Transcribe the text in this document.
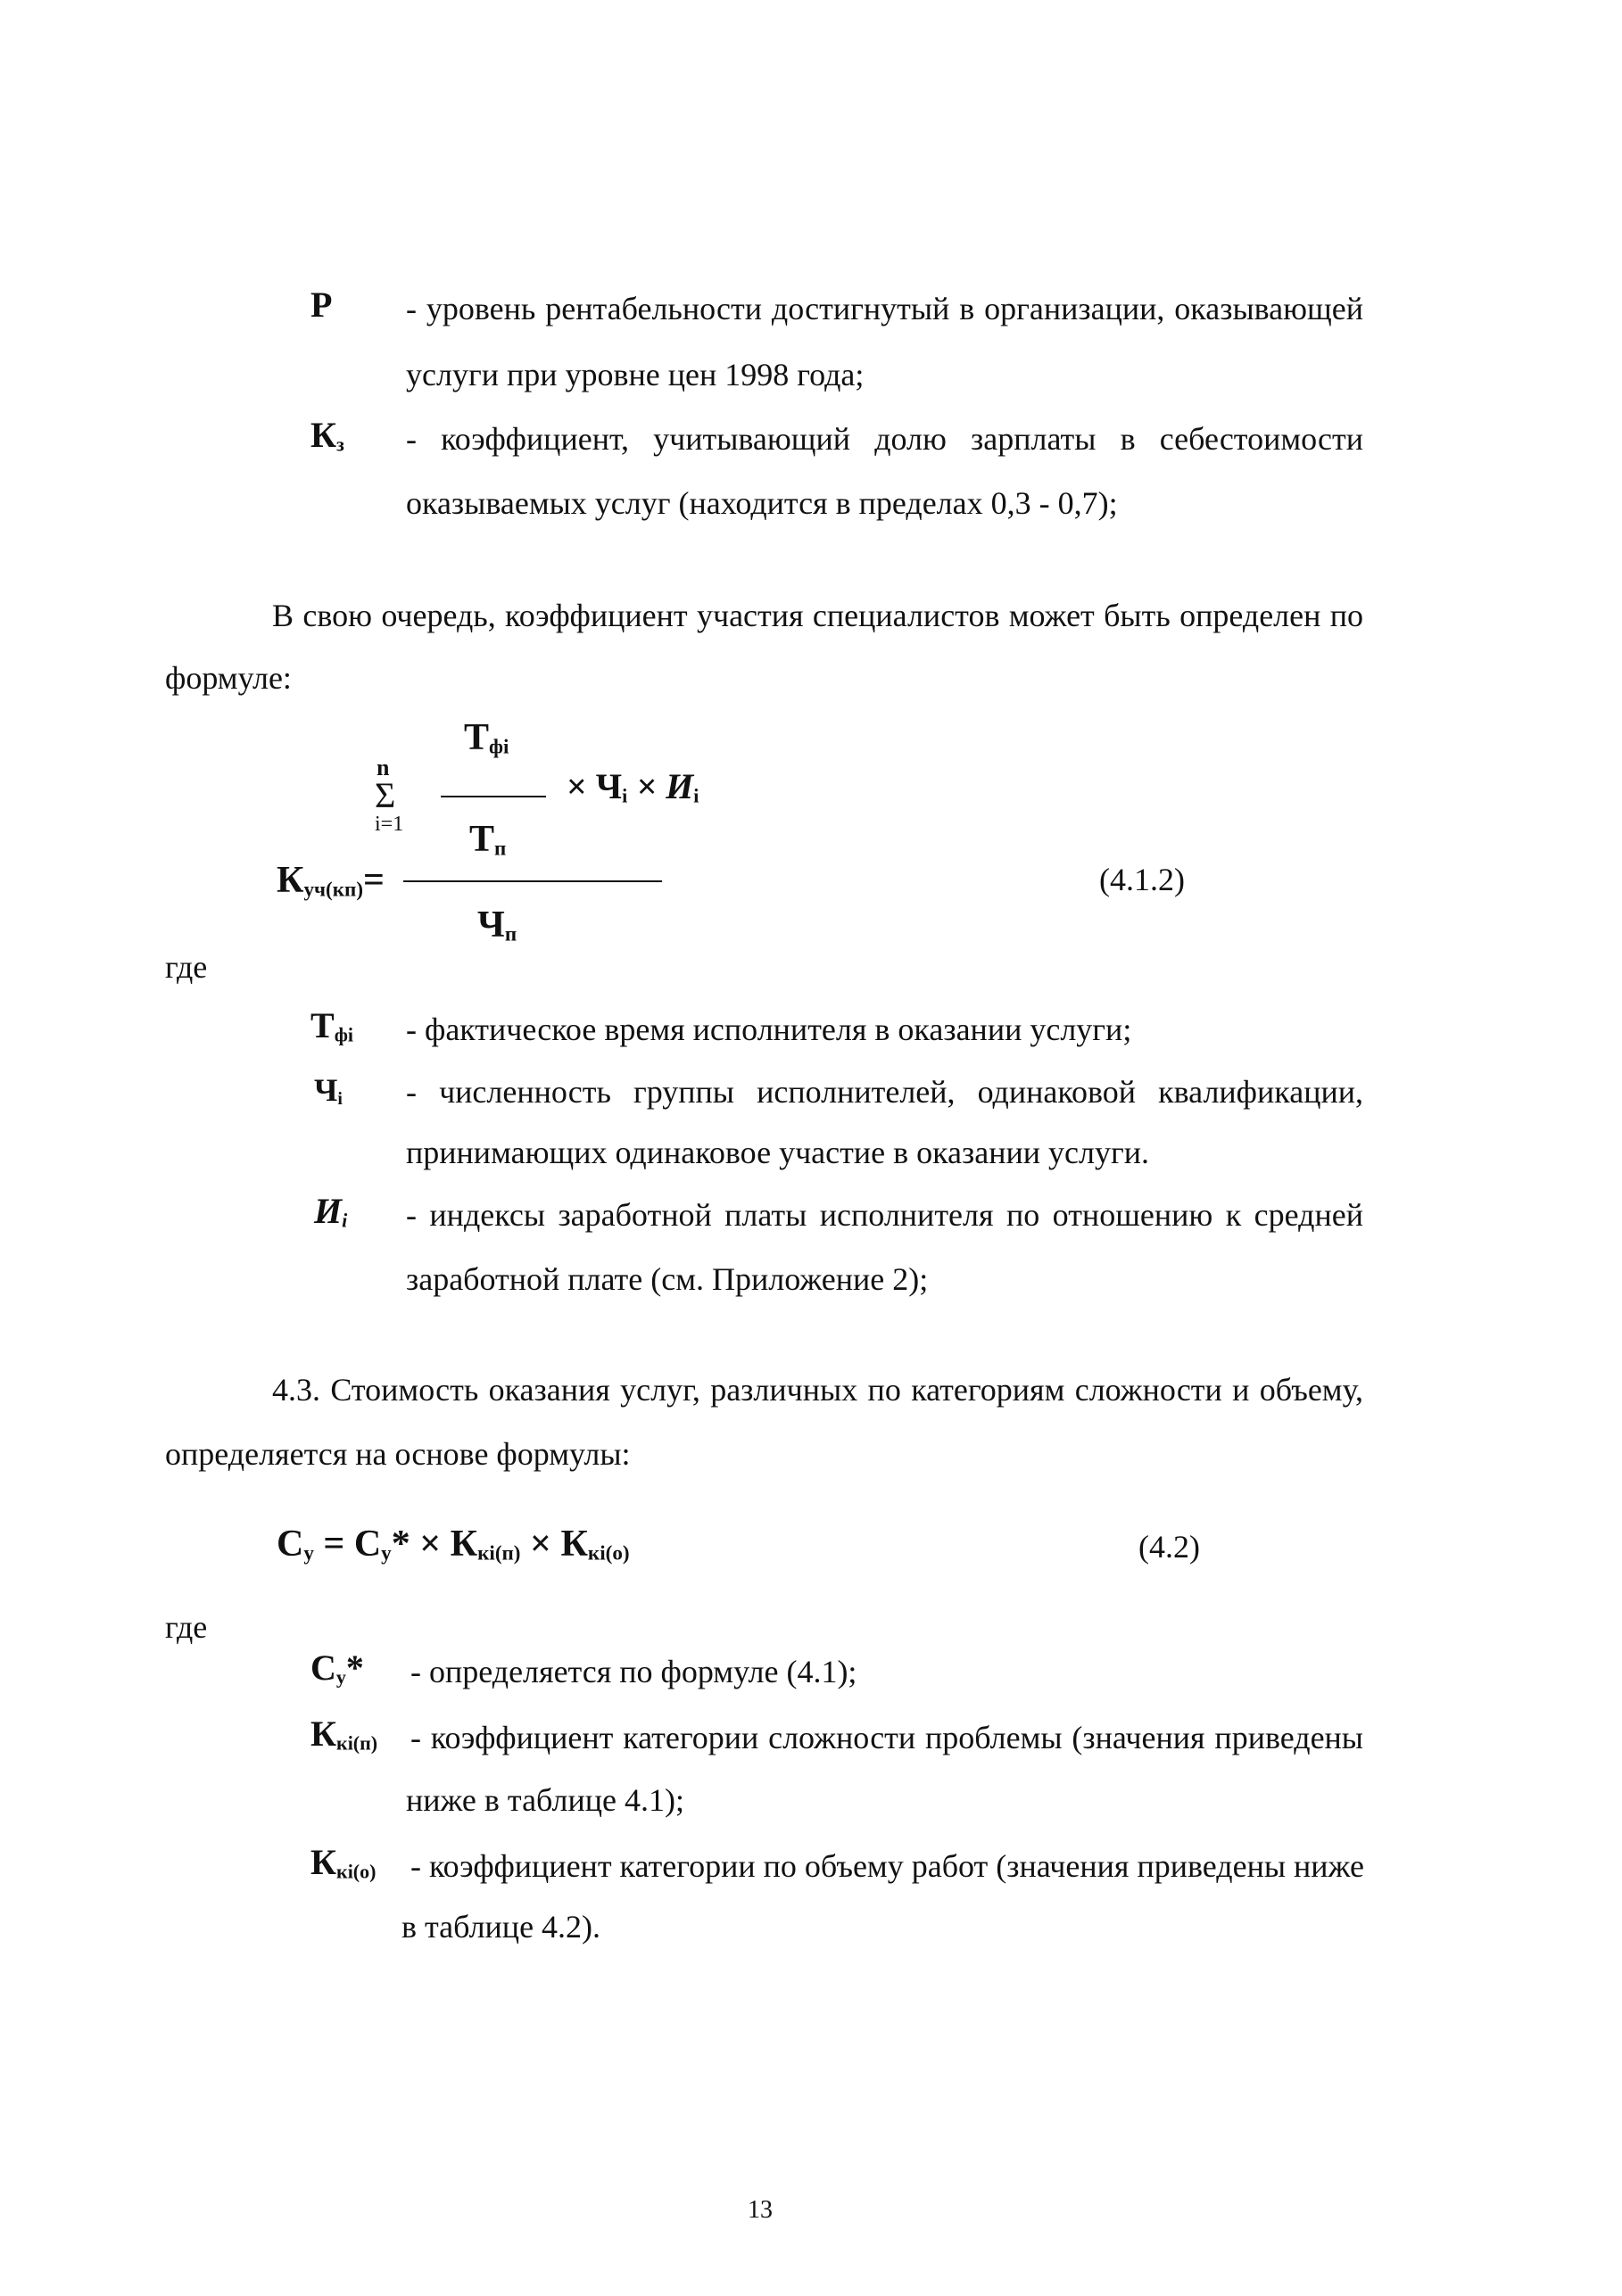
Р - уровень рентабельности достигнутый в организации, оказывающей
услуги при уровне цен 1998 года;
$К_з$ - коэффициент, учитывающий долю зарплаты в себестоимости
оказываемых услуг (находится в пределах 0,3 - 0,7);
В свою очередь, коэффициент участия специалистов может быть определен по
формуле:
n
Σ
i=1
$Т_{фi}$
$Т_п$
× $Ч_i \times И_i$
$К_{уч(кп)}=$
$Ч_п$
(4.1.2)
где
$Т_{фi}$ - фактическое время исполнителя в оказании услуги;
$Ч_i$ - численность группы исполнителей, одинаковой квалификации,
принимающих одинаковое участие в оказании услуги.
$И_i$ - индексы заработной платы исполнителя по отношению к средней
заработной плате (см. Приложение 2);
4.3. Стоимость оказания услуг, различных по категориям сложности и объему,
определяется на основе формулы:
$С_у = С_у* \times К_{кi(п)} \times К_{кi(о)}$	(4.2)
где
$С_у*$ - определяется по формуле (4.1);
$К_{кi(п)}$ - коэффициент категории сложности проблемы (значения приведены
ниже в таблице 4.1);
$К_{кi(о)}$ - коэффициент категории по объему работ (значения приведены ниже
в таблице 4.2).
13
